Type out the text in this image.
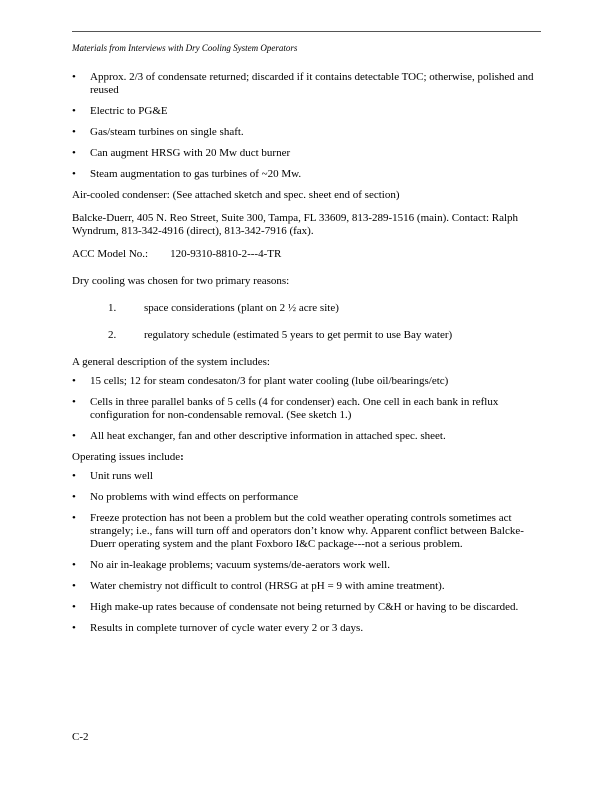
Materials from Interviews with Dry Cooling System Operators
• Approx. 2/3 of condensate returned; discarded if it contains detectable TOC; otherwise, polished and reused
• Electric to PG&E
• Gas/steam turbines on single shaft.
• Can augment HRSG with 20 Mw duct burner
• Steam augmentation to gas turbines of ~20 Mw.

Air-cooled condenser: (See attached sketch and spec. sheet end of section)

Balcke-Duerr, 405 N. Reo Street, Suite 300, Tampa, FL 33609, 813-289-1516 (main). Contact: Ralph Wyndrum, 813-342-4916 (direct), 813-342-7916 (fax).

ACC Model No.: 120-9310-8810-2---4-TR

Dry cooling was chosen for two primary reasons:

1.	space considerations (plant on 2 ½ acre site)
2.	regulatory schedule (estimated 5 years to get permit to use Bay water)

A general description of the system includes:

• 15 cells; 12 for steam condesaton/3 for plant water cooling (lube oil/bearings/etc)
• Cells in three parallel banks of 5 cells (4 for condenser) each. One cell in each bank in reflux configuration for non-condensable removal. (See sketch 1.)
• All heat exchanger, fan and other descriptive information in attached spec. sheet.

Operating issues include:

• Unit runs well
• No problems with wind effects on performance
• Freeze protection has not been a problem but the cold weather operating controls sometimes act strangely; i.e., fans will turn off and operators don’t know why. Apparent conflict between Balcke-Duerr operating system and the plant Foxboro I&C package---not a serious problem.
• No air in-leakage problems; vacuum systems/de-aerators work well.
• Water chemistry not difficult to control (HRSG at pH = 9 with amine treatment).
• High make-up rates because of condensate not being returned by C&H or having to be discarded.
• Results in complete turnover of cycle water every 2 or 3 days.
C-2
